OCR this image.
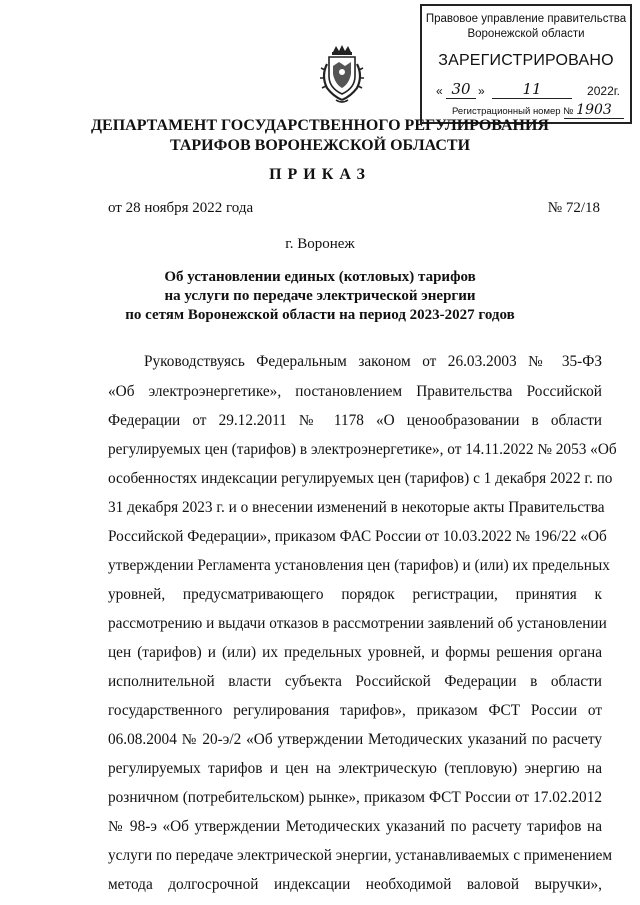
Правовое управление правительства
Воронежской области
ЗАРЕГИСТРИРОВАНО
« 30 »	11	2022г.
Регистрационный номер № 1903
ДЕПАРТАМЕНТ ГОСУДАРСТВЕННОГО РЕГУЛИРОВАНИЯ
ТАРИФОВ ВОРОНЕЖСКОЙ ОБЛАСТИ
ПРИКАЗ
от 28 ноября 2022 года	№ 72/18
г. Воронеж
Об установлении единых (котловых) тарифов
на услуги по передаче электрической энергии
по сетям Воронежской области на период 2023-2027 годов
Руководствуясь Федеральным законом от 26.03.2003 № 35-ФЗ
«Об электроэнергетике», постановлением Правительства Российской
Федерации от 29.12.2011 № 1178 «О ценообразовании в области
регулируемых цен (тарифов) в электроэнергетике», от 14.11.2022 № 2053 «Об
особенностях индексации регулируемых цен (тарифов) с 1 декабря 2022 г. по
31 декабря 2023 г. и о внесении изменений в некоторые акты Правительства
Российской Федерации», приказом ФАС России от 10.03.2022 № 196/22 «Об
утверждении Регламента установления цен (тарифов) и (или) их предельных
уровней, предусматривающего порядок регистрации, принятия к
рассмотрению и выдачи отказов в рассмотрении заявлений об установлении
цен (тарифов) и (или) их предельных уровней, и формы решения органа
исполнительной власти субъекта Российской Федерации в области
государственного регулирования тарифов», приказом ФСТ России от
06.08.2004 № 20-э/2 «Об утверждении Методических указаний по расчету
регулируемых тарифов и цен на электрическую (тепловую) энергию на
розничном (потребительском) рынке», приказом ФСТ России от 17.02.2012
№ 98-э «Об утверждении Методических указаний по расчету тарифов на
услуги по передаче электрической энергии, устанавливаемых с применением
метода долгосрочной индексации необходимой валовой выручки»,
